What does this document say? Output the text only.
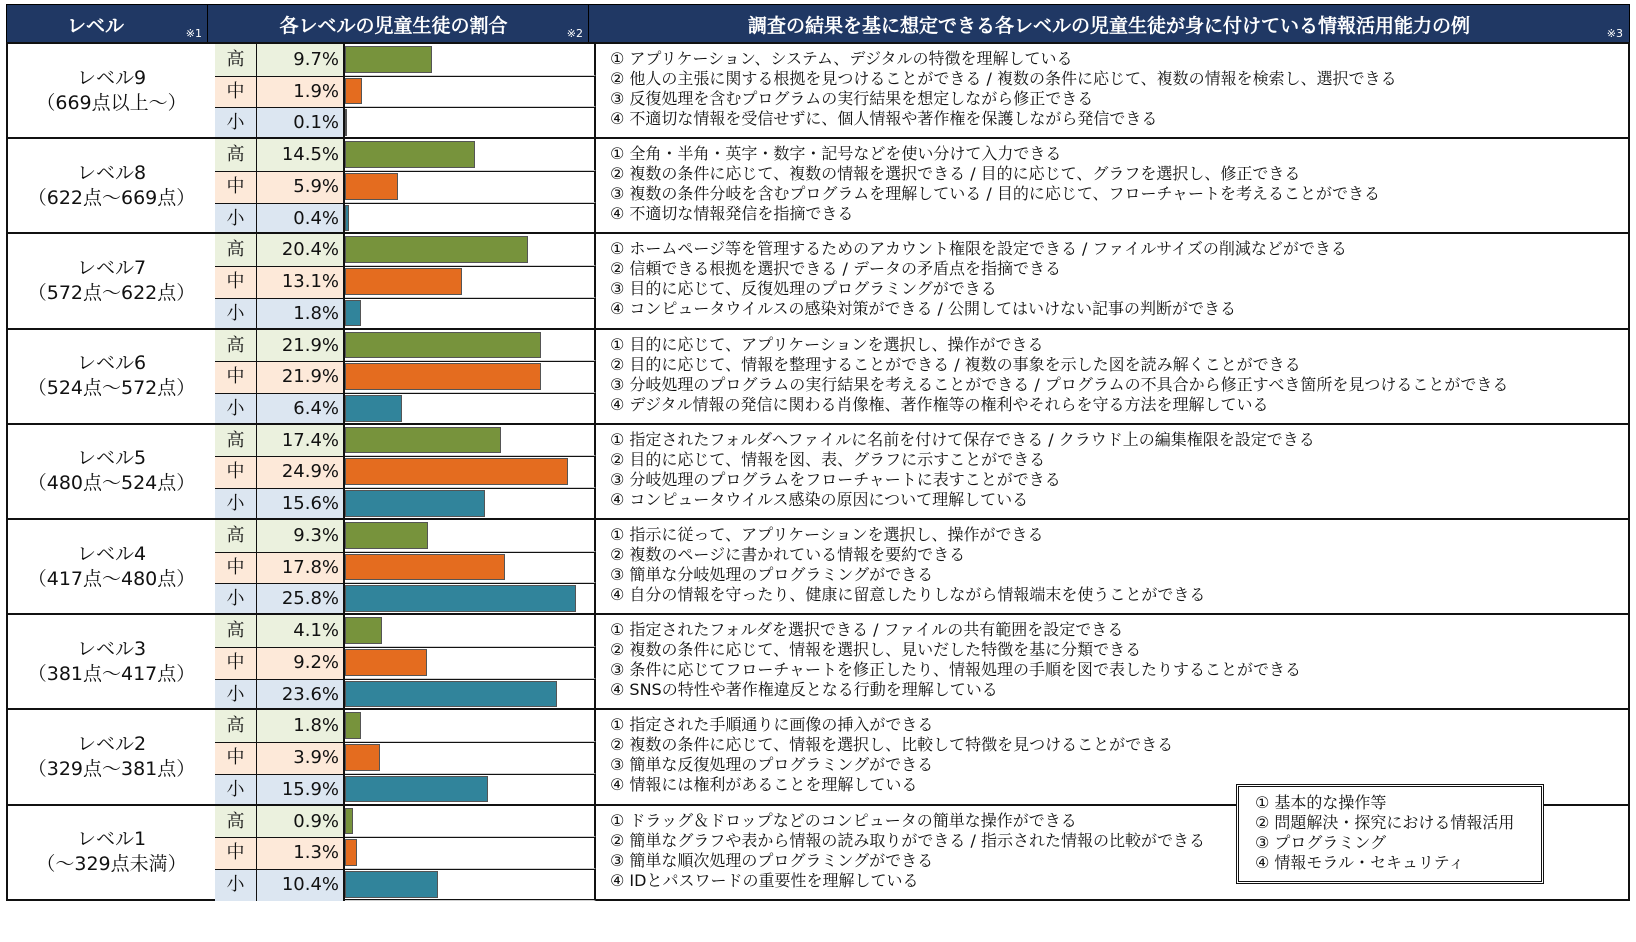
レベル	※1	各レベルの児童生徒の割合	※2	調査の結果を基に想定できる各レベルの児童生徒が身に付けている情報活用能力の例	※3
レベル9
（669点以上～）
高	9.7%
中	1.9%
小	0.1%
① アプリケーション、システム、デジタルの特徴を理解している
② 他人の主張に関する根拠を見つけることができる / 複数の条件に応じて、複数の情報を検索し、選択できる
③ 反復処理を含むプログラムの実行結果を想定しながら修正できる
④ 不適切な情報を受信せずに、個人情報や著作権を保護しながら発信できる
レベル8
（622点～669点）
高	14.5%
中	5.9%
小	0.4%
① 全角・半角・英字・数字・記号などを使い分けて入力できる
② 複数の条件に応じて、複数の情報を選択できる / 目的に応じて、グラフを選択し、修正できる
③ 複数の条件分岐を含むプログラムを理解している / 目的に応じて、フローチャートを考えることができる
④ 不適切な情報発信を指摘できる
レベル7
（572点～622点）
高	20.4%
中	13.1%
小	1.8%
① ホームページ等を管理するためのアカウント権限を設定できる / ファイルサイズの削減などができる
② 信頼できる根拠を選択できる / データの矛盾点を指摘できる
③ 目的に応じて、反復処理のプログラミングができる
④ コンピュータウイルスの感染対策ができる / 公開してはいけない記事の判断ができる
レベル6
（524点～572点）
高	21.9%
中	21.9%
小	6.4%
① 目的に応じて、アプリケーションを選択し、操作ができる
② 目的に応じて、情報を整理することができる / 複数の事象を示した図を読み解くことができる
③ 分岐処理のプログラムの実行結果を考えることができる / プログラムの不具合から修正すべき箇所を見つけることができる
④ デジタル情報の発信に関わる肖像権、著作権等の権利やそれらを守る方法を理解している
レベル5
（480点～524点）
高	17.4%
中	24.9%
小	15.6%
① 指定されたフォルダへファイルに名前を付けて保存できる / クラウド上の編集権限を設定できる
② 目的に応じて、情報を図、表、グラフに示すことができる
③ 分岐処理のプログラムをフローチャートに表すことができる
④ コンピュータウイルス感染の原因について理解している
レベル4
（417点～480点）
高	9.3%
中	17.8%
小	25.8%
① 指示に従って、アプリケーションを選択し、操作ができる
② 複数のページに書かれている情報を要約できる
③ 簡単な分岐処理のプログラミングができる
④ 自分の情報を守ったり、健康に留意したりしながら情報端末を使うことができる
レベル3
（381点～417点）
高	4.1%
中	9.2%
小	23.6%
① 指定されたフォルダを選択できる / ファイルの共有範囲を設定できる
② 複数の条件に応じて、情報を選択し、見いだした特徴を基に分類できる
③ 条件に応じてフローチャートを修正したり、情報処理の手順を図で表したりすることができる
④ SNSの特性や著作権違反となる行動を理解している
レベル2
（329点～381点）
高	1.8%
中	3.9%
小	15.9%
① 指定された手順通りに画像の挿入ができる
② 複数の条件に応じて、情報を選択し、比較して特徴を見つけることができる
③ 簡単な反復処理のプログラミングができる
④ 情報には権利があることを理解している
レベル1
（～329点未満）
高	0.9%
中	1.3%
小	10.4%
① ドラッグ＆ドロップなどのコンピュータの簡単な操作ができる
② 簡単なグラフや表から情報の読み取りができる / 指示された情報の比較ができる
③ 簡単な順次処理のプログラミングができる
④ IDとパスワードの重要性を理解している
① 基本的な操作等
② 問題解決・探究における情報活用
③ プログラミング
④ 情報モラル・セキュリティ
